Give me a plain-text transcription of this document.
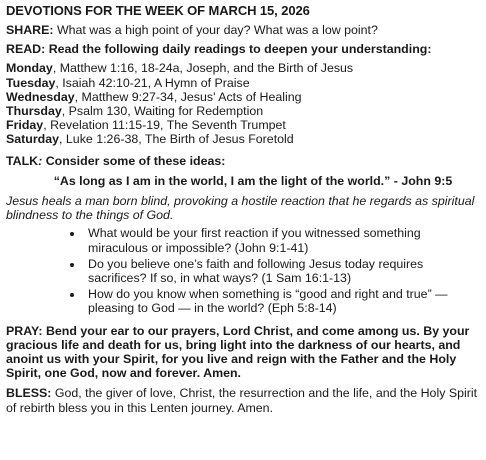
DEVOTIONS FOR THE WEEK OF MARCH 15, 2026
SHARE: What was a high point of your day? What was a low point?
READ: Read the following daily readings to deepen your understanding:
Monday, Matthew 1:16, 18-24a, Joseph, and the Birth of Jesus
Tuesday, Isaiah 42:10-21, A Hymn of Praise
Wednesday, Matthew 9:27-34, Jesus' Acts of Healing
Thursday, Psalm 130, Waiting for Redemption
Friday, Revelation 11:15-19, The Seventh Trumpet
Saturday, Luke 1:26-38, The Birth of Jesus Foretold
TALK: Consider some of these ideas:
“As long as I am in the world, I am the light of the world.” - John 9:5
Jesus heals a man born blind, provoking a hostile reaction that he regards as spiritual blindness to the things of God.
• What would be your first reaction if you witnessed something miraculous or impossible? (John 9:1-41)
• Do you believe one’s faith and following Jesus today requires sacrifices? If so, in what ways? (1 Sam 16:1-13)
• How do you know when something is “good and right and true” — pleasing to God — in the world? (Eph 5:8-14)
PRAY: Bend your ear to our prayers, Lord Christ, and come among us. By your gracious life and death for us, bring light into the darkness of our hearts, and anoint us with your Spirit, for you live and reign with the Father and the Holy Spirit, one God, now and forever. Amen.
BLESS: God, the giver of love, Christ, the resurrection and the life, and the Holy Spirit of rebirth bless you in this Lenten journey. Amen.
